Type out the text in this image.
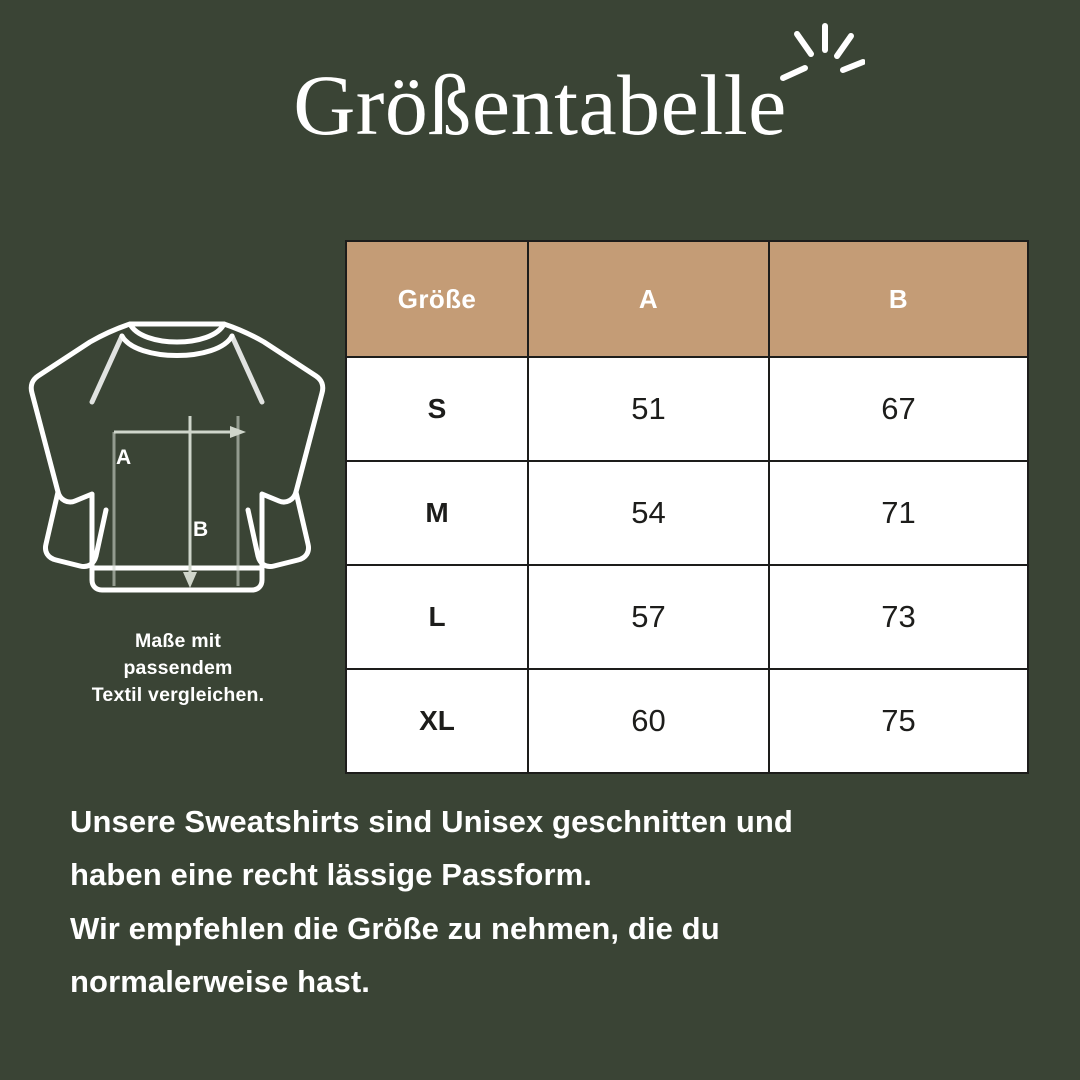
Größentabelle
A
B
Maße mit
passendem
Textil vergleichen.
Größe	A	B
S	51	67
M	54	71
L	57	73
XL	60	75

Unsere Sweatshirts sind Unisex geschnitten und

haben eine recht lässige Passform.

Wir empfehlen die Größe zu nehmen, die du

normalerweise hast.
